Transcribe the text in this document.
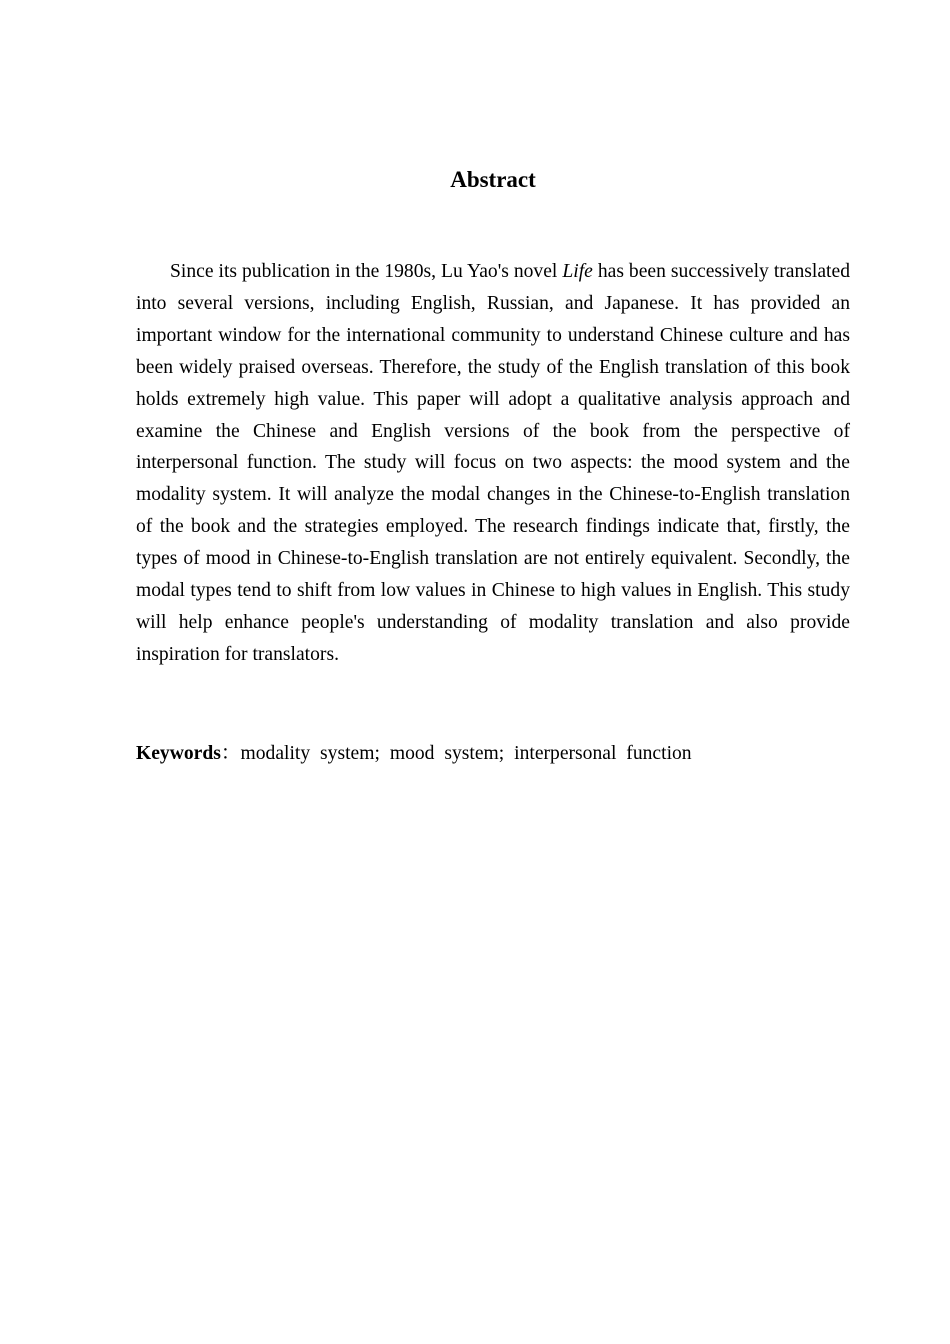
Abstract

Since its publication in the 1980s, Lu Yao's novel Life has been successively translated into several versions, including English, Russian, and Japanese. It has provided an important window for the international community to understand Chinese culture and has been widely praised overseas. Therefore, the study of the English translation of this book holds extremely high value. This paper will adopt a qualitative analysis approach and examine the Chinese and English versions of the book from the perspective of interpersonal function. The study will focus on two aspects: the mood system and the modality system. It will analyze the modal changes in the Chinese-to-English translation of the book and the strategies employed. The research findings indicate that, firstly, the types of mood in Chinese-to-English translation are not entirely equivalent. Secondly, the modal types tend to shift from low values in Chinese to high values in English. This study will help enhance people's understanding of modality translation and also provide inspiration for translators.

Keywords：modality system; mood system; interpersonal function
